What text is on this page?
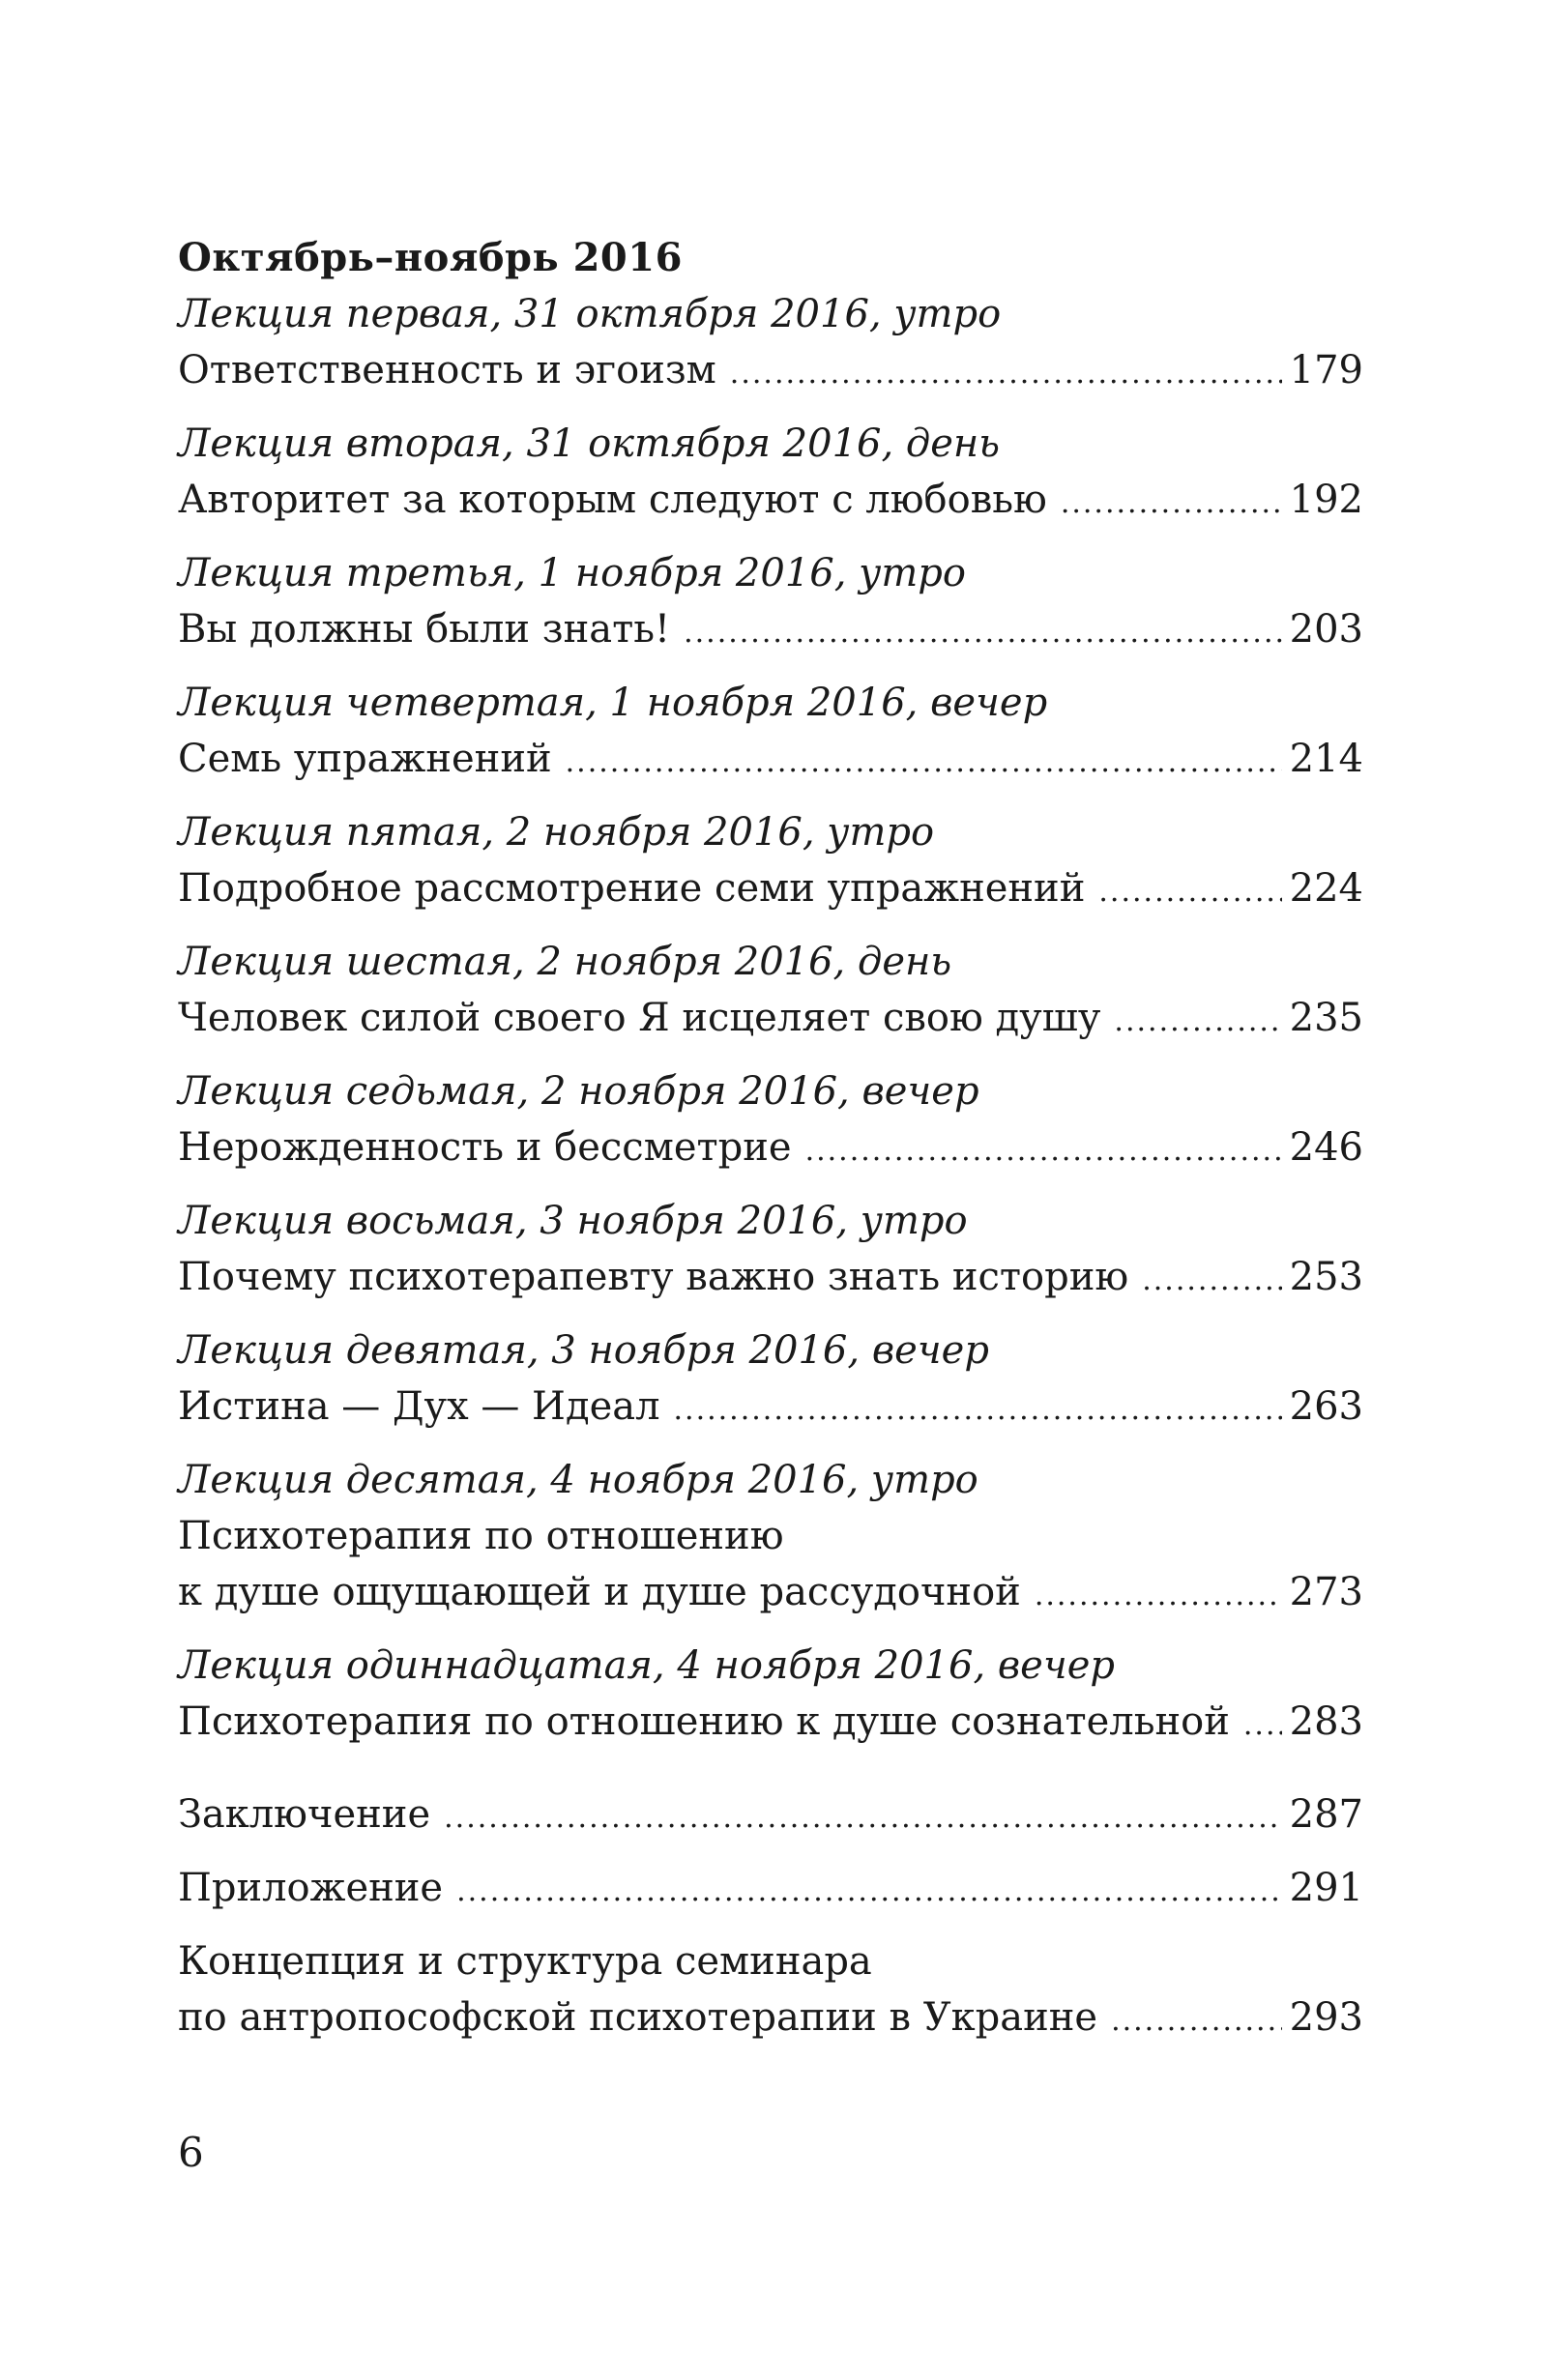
Октябрь–ноябрь 2016
Лекция первая, 31 октября 2016, утро
Ответственность и эгоизм .....	179
Лекция вторая, 31 октября 2016, день
Авторитет за которым следуют с любовью .....	192
Лекция третья, 1 ноября 2016, утро
Вы должны были знать! .....	203
Лекция четвертая, 1 ноября 2016, вечер
Семь упражнений .....	214
Лекция пятая, 2 ноября 2016, утро
Подробное рассмотрение семи упражнений .....	224
Лекция шестая, 2 ноября 2016, день
Человек силой своего Я исцеляет свою душу .....	235
Лекция седьмая, 2 ноября 2016, вечер
Нерожденность и бессметрие .....	246
Лекция восьмая, 3 ноября 2016, утро
Почему психотерапевту важно знать историю .....	253
Лекция девятая, 3 ноября 2016, вечер
Истина — Дух — Идеал .....	263
Лекция десятая, 4 ноября 2016, утро
Психотерапия по отношению
к душе ощущающей и душе рассудочной .....	273
Лекция одиннадцатая, 4 ноября 2016, вечер
Психотерапия по отношению к душе сознательной ..... 283
Заключение .....	287
Приложение .....	291
Концепция и структура семинара
по антропософской психотерапии в Украине .....	293
6
